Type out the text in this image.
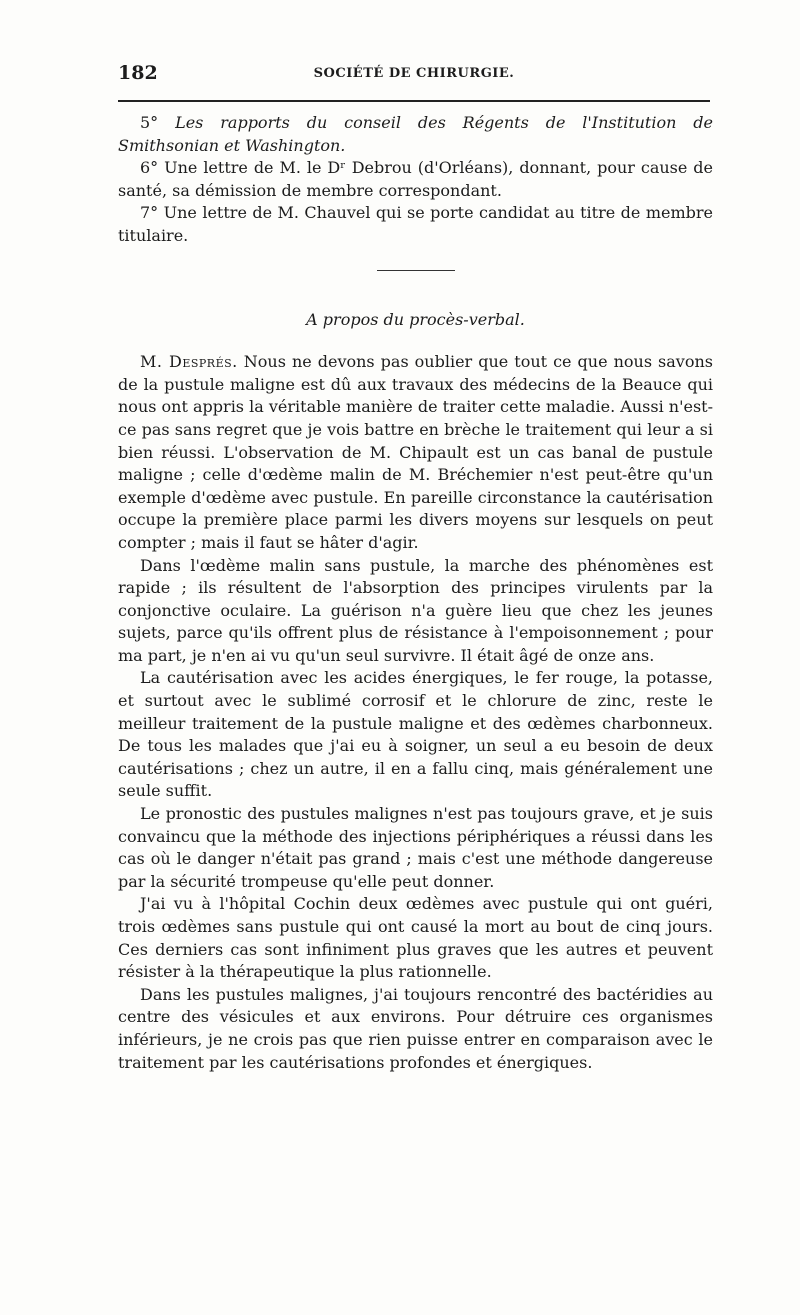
182	SOCIÉTÉ DE CHIRURGIE.

5° Les rapports du conseil des Régents de l'Institution de Smithsonian et Washington.

6° Une lettre de M. le Dʳ Debrou (d'Orléans), donnant, pour cause de santé, sa démission de membre correspondant.

7° Une lettre de M. Chauvel qui se porte candidat au titre de membre titulaire.

A propos du procès-verbal.

M. Després. Nous ne devons pas oublier que tout ce que nous savons de la pustule maligne est dû aux travaux des médecins de la Beauce qui nous ont appris la véritable manière de traiter cette maladie. Aussi n'est-ce pas sans regret que je vois battre en brèche le traitement qui leur a si bien réussi. L'observation de M. Chipault est un cas banal de pustule maligne ; celle d'œdème malin de M. Bréchemier n'est peut-être qu'un exemple d'œdème avec pustule. En pareille circonstance la cautérisation occupe la première place parmi les divers moyens sur lesquels on peut compter ; mais il faut se hâter d'agir.

Dans l'œdème malin sans pustule, la marche des phénomènes est rapide ; ils résultent de l'absorption des principes virulents par la conjonctive oculaire. La guérison n'a guère lieu que chez les jeunes sujets, parce qu'ils offrent plus de résistance à l'empoisonnement ; pour ma part, je n'en ai vu qu'un seul survivre. Il était âgé de onze ans.

La cautérisation avec les acides énergiques, le fer rouge, la potasse, et surtout avec le sublimé corrosif et le chlorure de zinc, reste le meilleur traitement de la pustule maligne et des œdèmes charbonneux. De tous les malades que j'ai eu à soigner, un seul a eu besoin de deux cautérisations ; chez un autre, il en a fallu cinq, mais généralement une seule suffit.

Le pronostic des pustules malignes n'est pas toujours grave, et je suis convaincu que la méthode des injections périphériques a réussi dans les cas où le danger n'était pas grand ; mais c'est une méthode dangereuse par la sécurité trompeuse qu'elle peut donner.

J'ai vu à l'hôpital Cochin deux œdèmes avec pustule qui ont guéri, trois œdèmes sans pustule qui ont causé la mort au bout de cinq jours. Ces derniers cas sont infiniment plus graves que les autres et peuvent résister à la thérapeutique la plus rationnelle.

Dans les pustules malignes, j'ai toujours rencontré des bactéridies au centre des vésicules et aux environs. Pour détruire ces organismes inférieurs, je ne crois pas que rien puisse entrer en comparaison avec le traitement par les cautérisations profondes et énergiques.
